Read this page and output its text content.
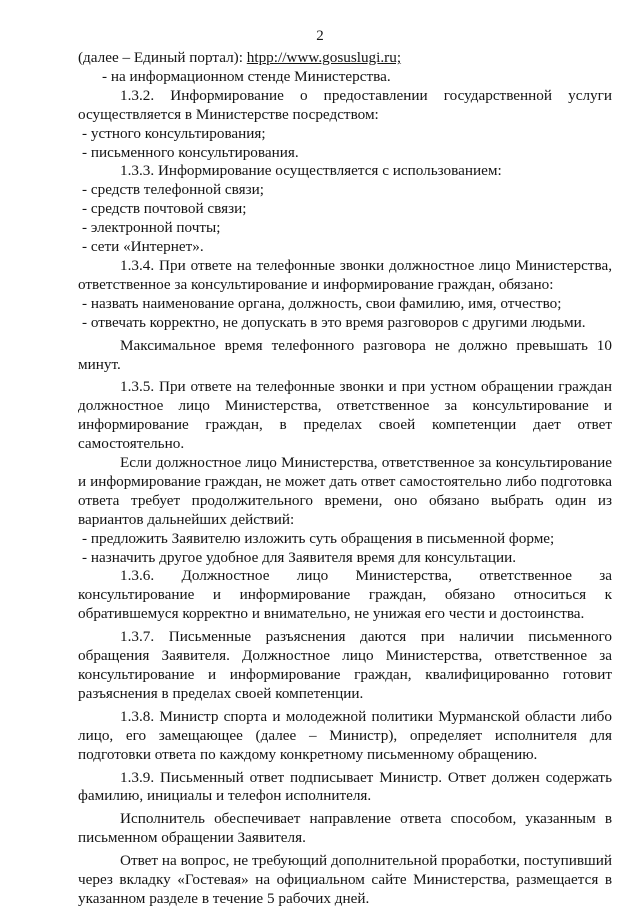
2

(далее – Единый портал): htpp://www.gosuslugi.ru;

- на информационном стенде Министерства.

1.3.2. Информирование о предоставлении государственной услуги осуществляется в Министерстве посредством:

- устного консультирования;

- письменного консультирования.

1.3.3. Информирование осуществляется с использованием:

- средств телефонной связи;

- средств почтовой связи;

- электронной почты;

- сети «Интернет».

1.3.4. При ответе на телефонные звонки должностное лицо Министерства, ответственное за консультирование и информирование граждан, обязано:

- назвать наименование органа, должность, свои фамилию, имя, отчество;

- отвечать корректно, не допускать в это время разговоров с другими людьми.

Максимальное время телефонного разговора не должно превышать 10 минут.

1.3.5. При ответе на телефонные звонки и при устном обращении граждан должностное лицо Министерства, ответственное за консультирование и информирование граждан, в пределах своей компетенции дает ответ самостоятельно.

Если должностное лицо Министерства, ответственное за консультирование и информирование граждан, не может дать ответ самостоятельно либо подготовка ответа требует продолжительного времени, оно обязано выбрать один из вариантов дальнейших действий:

- предложить Заявителю изложить суть обращения в письменной форме;

- назначить другое удобное для Заявителя время для консультации.

1.3.6. Должностное лицо Министерства, ответственное за консультирование и информирование граждан, обязано относиться к обратившемуся корректно и внимательно, не унижая его чести и достоинства.

1.3.7. Письменные разъяснения даются при наличии письменного обращения Заявителя. Должностное лицо Министерства, ответственное за консультирование и информирование граждан, квалифицированно готовит разъяснения в пределах своей компетенции.

1.3.8. Министр спорта и молодежной политики Мурманской области либо лицо, его замещающее (далее – Министр), определяет исполнителя для подготовки ответа по каждому конкретному письменному обращению.

1.3.9. Письменный ответ подписывает Министр. Ответ должен содержать фамилию, инициалы и телефон исполнителя.

Исполнитель обеспечивает направление ответа способом, указанным в письменном обращении Заявителя.

Ответ на вопрос, не требующий дополнительной проработки, поступивший через вкладку «Гостевая» на официальном сайте Министерства, размещается в указанном разделе в течение 5 рабочих дней.
